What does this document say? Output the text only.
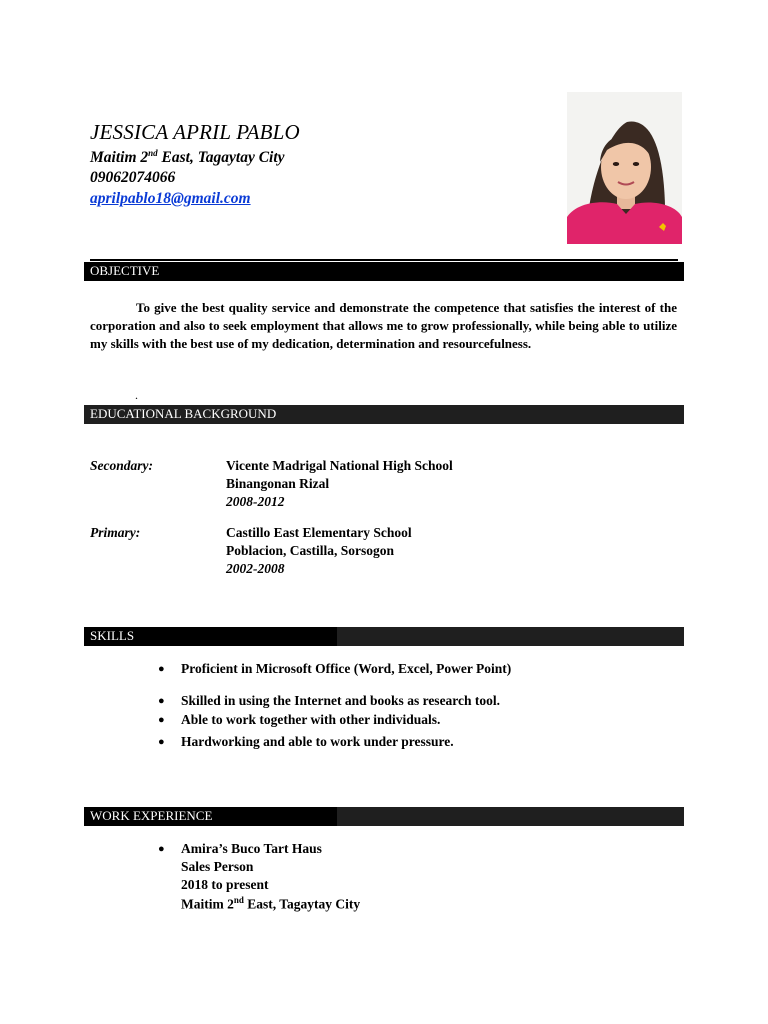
JESSICA APRIL PABLO
Maitim 2nd East, Tagaytay City
09062074066
aprilpablo18@gmail.com
OBJECTIVE
To give the best quality service and demonstrate the competence that satisfies the interest of the corporation and also to seek employment that allows me to grow professionally, while being able to utilize my skills with the best use of my dedication, determination and resourcefulness.
.
EDUCATIONAL BACKGROUND
Secondary:	Vicente Madrigal National High School
Binangonan Rizal
2008-2012
Primary:	Castillo East Elementary School
Poblacion, Castilla, Sorsogon
2002-2008
SKILLS
● Proficient in Microsoft Office (Word, Excel, Power Point)
● Skilled in using the Internet and books as research tool.
● Able to work together with other individuals.
● Hardworking and able to work under pressure.
WORK EXPERIENCE
● Amira’s Buco Tart Haus
Sales Person
2018 to present
Maitim 2nd East, Tagaytay City
